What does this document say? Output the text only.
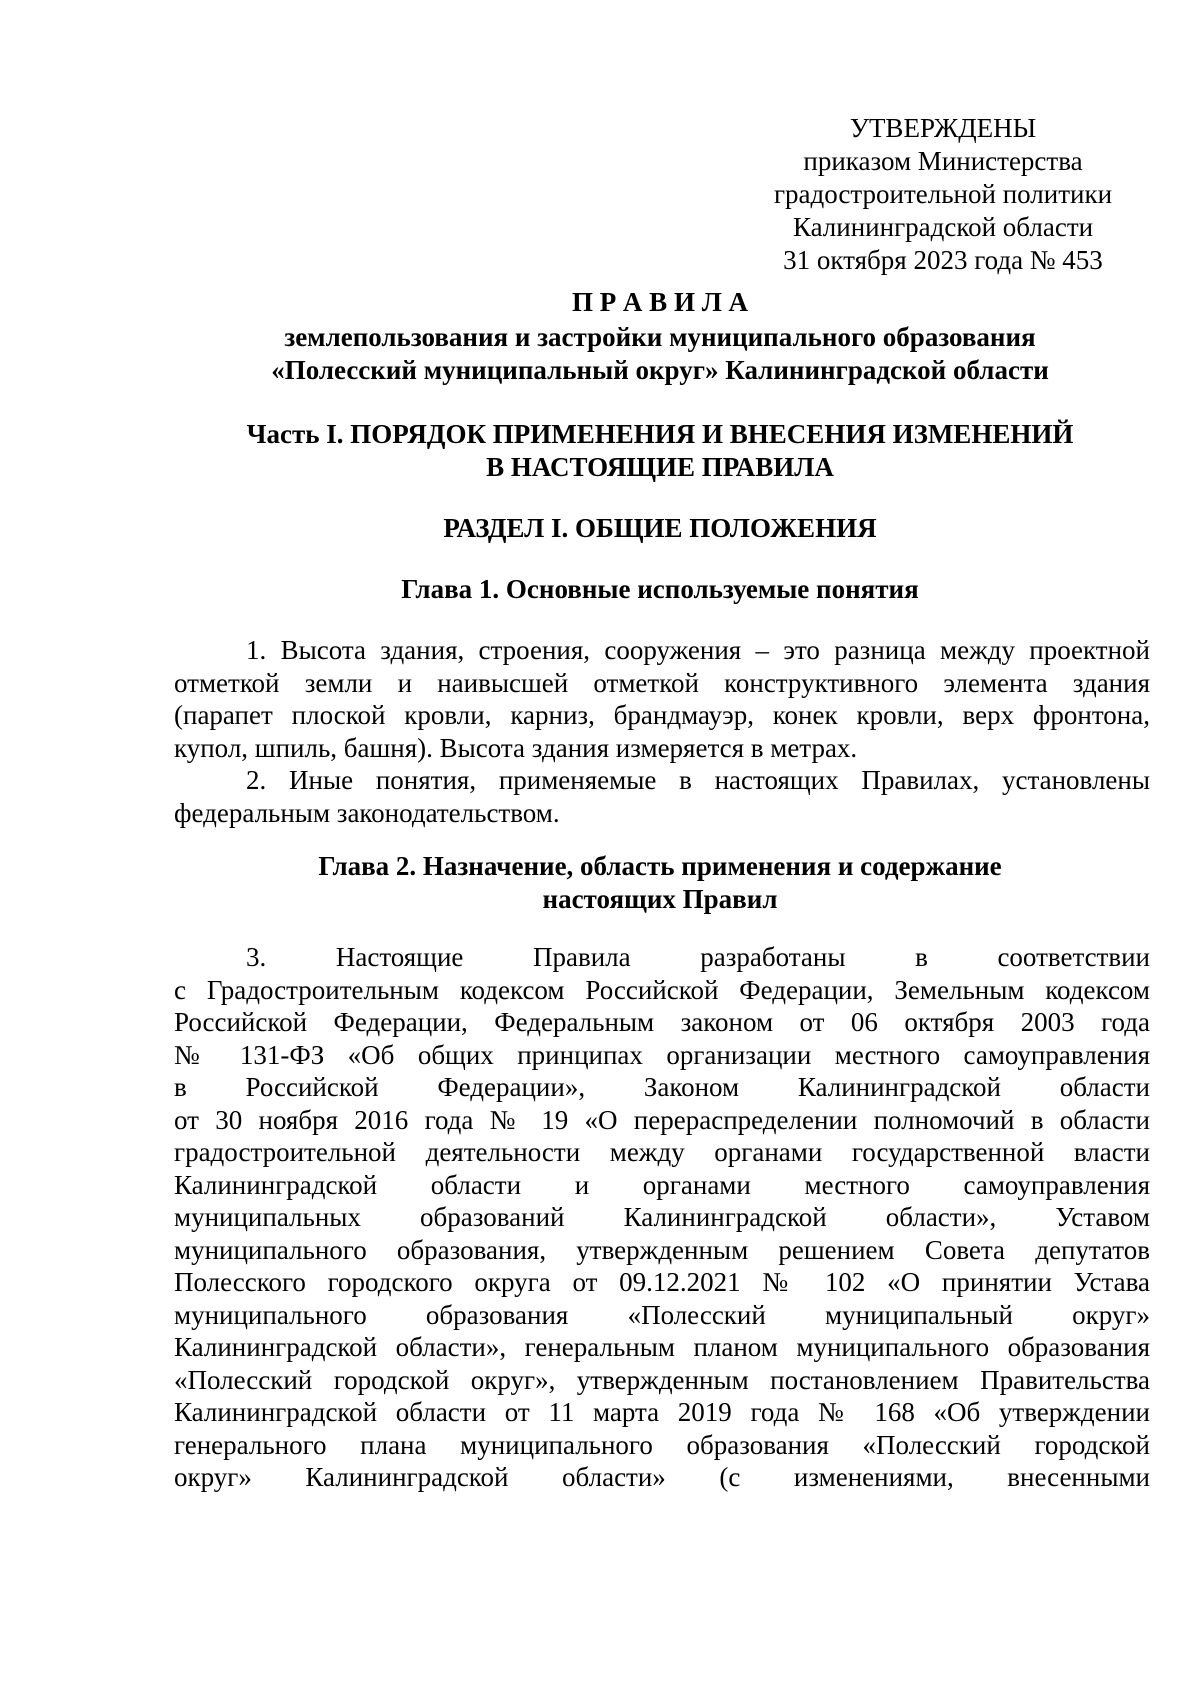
УТВЕРЖДЕНЫ
приказом Министерства
градостроительной политики
Калининградской области
31 октября 2023 года № 453
П Р А В И Л А
землепользования и застройки муниципального образования
«Полесский муниципальный округ» Калининградской области
Часть I. ПОРЯДОК ПРИМЕНЕНИЯ И ВНЕСЕНИЯ ИЗМЕНЕНИЙ
В НАСТОЯЩИЕ ПРАВИЛА
РАЗДЕЛ I. ОБЩИЕ ПОЛОЖЕНИЯ
Глава 1. Основные используемые понятия
1. Высота здания, строения, сооружения – это разница между проектной
отметкой земли и наивысшей отметкой конструктивного элемента здания
(парапет плоской кровли, карниз, брандмауэр, конек кровли, верх фронтона,
купол, шпиль, башня). Высота здания измеряется в метрах.
2. Иные понятия, применяемые в настоящих Правилах, установлены
федеральным законодательством.
Глава 2. Назначение, область применения и содержание
настоящих Правил
3. Настоящие Правила разработаны в соответствии
с Градостроительным кодексом Российской Федерации, Земельным кодексом
Российской Федерации, Федеральным законом от 06 октября 2003 года
№ 131-ФЗ «Об общих принципах организации местного самоуправления
в Российской Федерации», Законом Калининградской области
от 30 ноября 2016 года № 19 «О перераспределении полномочий в области
градостроительной деятельности между органами государственной власти
Калининградской области и органами местного самоуправления
муниципальных образований Калининградской области», Уставом
муниципального образования, утвержденным решением Совета депутатов
Полесского городского округа от 09.12.2021 № 102 «О принятии Устава
муниципального образования «Полесский муниципальный округ»
Калининградской области», генеральным планом муниципального образования
«Полесский городской округ», утвержденным постановлением Правительства
Калининградской области от 11 марта 2019 года № 168 «Об утверждении
генерального плана муниципального образования «Полесский городской
округ» Калининградской области» (с изменениями, внесенными
